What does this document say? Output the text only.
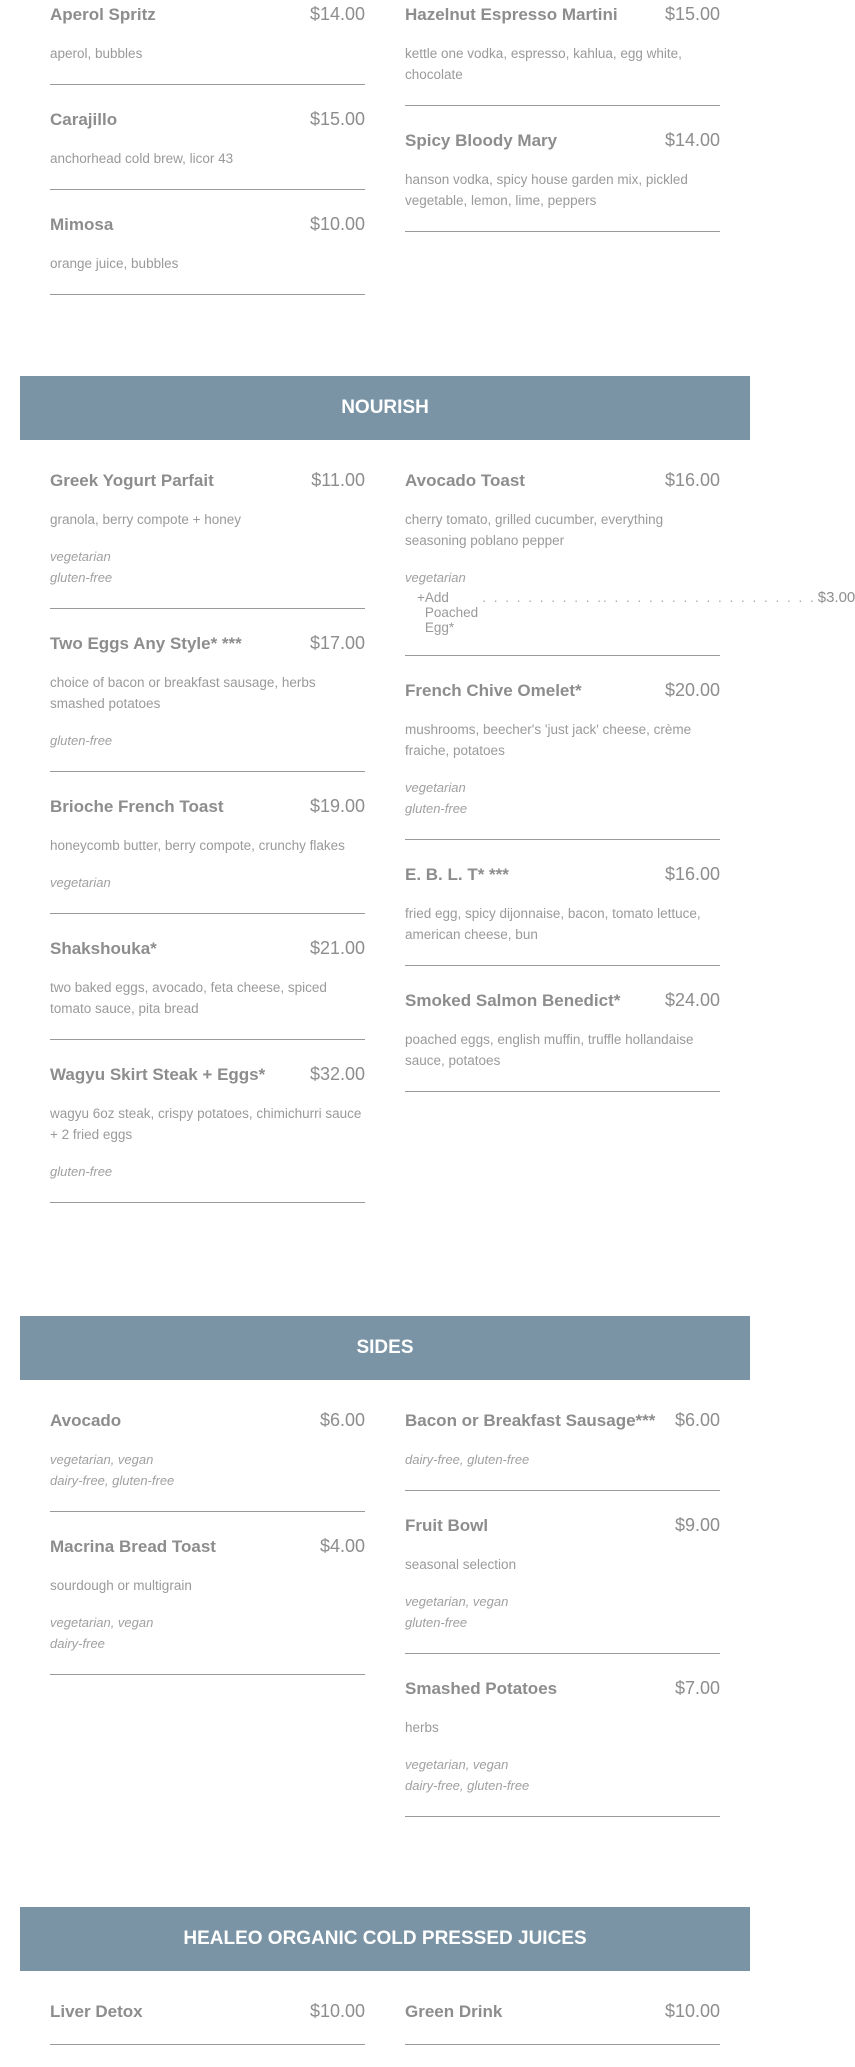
Aperol Spritz	$14.00
aperol, bubbles
Carajillo	$15.00
anchorhead cold brew, licor 43
Mimosa	$10.00
orange juice, bubbles
Hazelnut Espresso Martini	$15.00
kettle one vodka, espresso, kahlua, egg white, chocolate
Spicy Bloody Mary	$14.00
hanson vodka, spicy house garden mix, pickled vegetable, lemon, lime, peppers
NOURISH
Greek Yogurt Parfait	$11.00
granola, berry compote + honey
vegetarian
gluten-free
Two Eggs Any Style* ***	$17.00
choice of bacon or breakfast sausage, herbs smashed potatoes
gluten-free
Brioche French Toast	$19.00
honeycomb butter, berry compote, crunchy flakes
vegetarian
Shakshouka*	$21.00
two baked eggs, avocado, feta cheese, spiced tomato sauce, pita bread
Wagyu Skirt Steak + Eggs* $32.00
wagyu 6oz steak, crispy potatoes, chimichurri sauce + 2 fried eggs
gluten-free
Avocado Toast	$16.00
cherry tomato, grilled cucumber, everything seasoning poblano pepper
vegetarian
+ Add Poached Egg*
. . . . . . . . . . .. . . . . . . . . . . . . . . . . . . $3.00
French Chive Omelet*	$20.00
mushrooms, beecher's 'just jack' cheese, crème fraiche, potatoes
vegetarian
gluten-free
E. B. L. T* ***	$16.00
fried egg, spicy dijonnaise, bacon, tomato lettuce, american cheese, bun
Smoked Salmon Benedict* $24.00
poached eggs, english muffin, truffle hollandaise sauce, potatoes
SIDES
Avocado	$6.00
vegetarian, vegan
dairy-free, gluten-free
Macrina Bread Toast	$4.00
sourdough or multigrain
vegetarian, vegan
dairy-free
Bacon or Breakfast Sausage*** $6.00
dairy-free, gluten-free
Fruit Bowl	$9.00
seasonal selection
vegetarian, vegan
gluten-free
Smashed Potatoes	$7.00
herbs
vegetarian, vegan
dairy-free, gluten-free
HEALEO ORGANIC COLD PRESSED JUICES
Liver Detox	$10.00 Green Drink	$10.00
